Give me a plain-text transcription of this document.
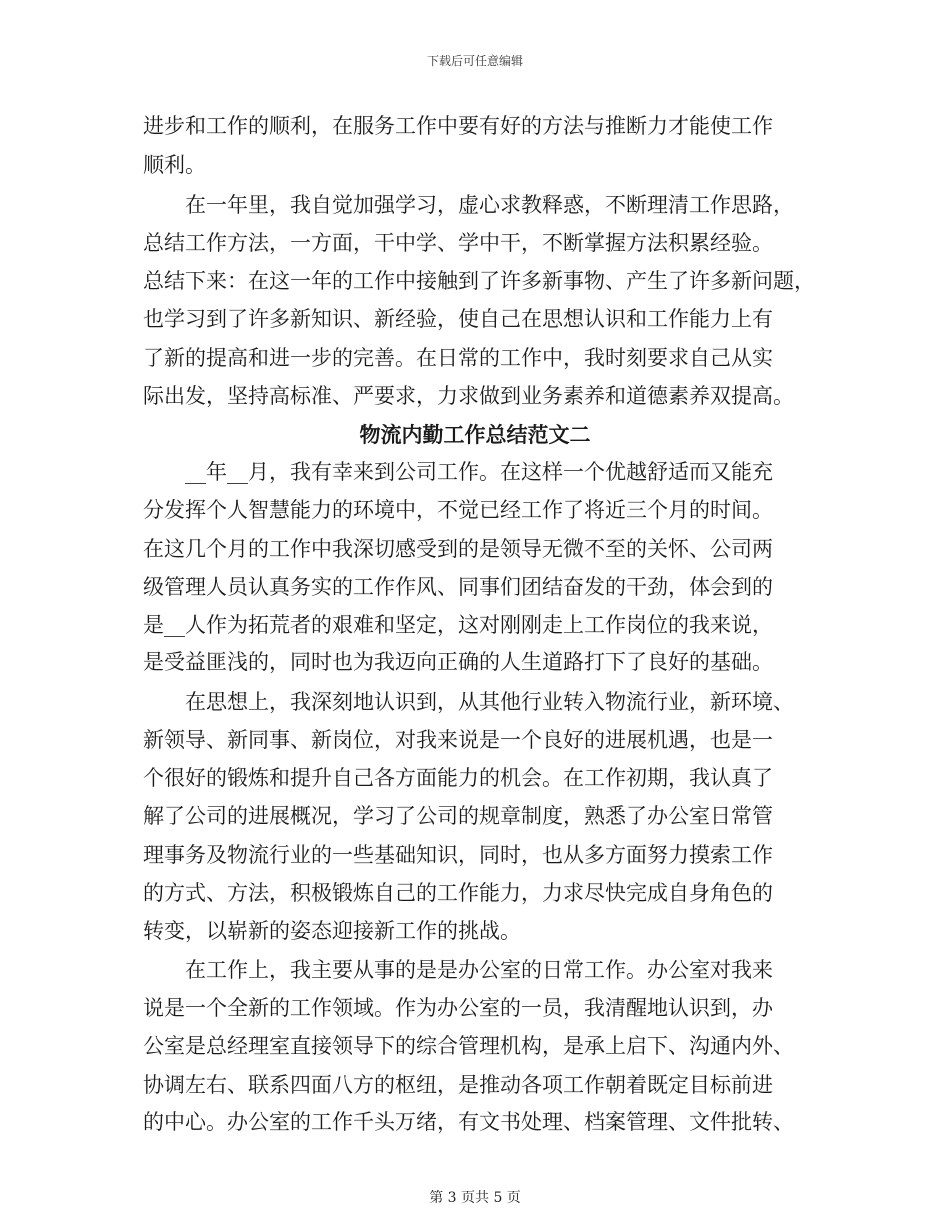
下载后可任意编辑
进步和工作的顺利，在服务工作中要有好的方法与推断力才能使工作
顺利。
　　在一年里，我自觉加强学习，虚心求教释惑，不断理清工作思路，
总结工作方法，一方面，干中学、学中干，不断掌握方法积累经验。
总结下来：在这一年的工作中接触到了许多新事物、产生了许多新问题，
也学习到了许多新知识、新经验，使自己在思想认识和工作能力上有
了新的提高和进一步的完善。在日常的工作中，我时刻要求自己从实
际出发，坚持高标准、严要求，力求做到业务素养和道德素养双提高。
　　__年__月，我有幸来到公司工作。在这样一个优越舒适而又能充
分发挥个人智慧能力的环境中，不觉已经工作了将近三个月的时间。
在这几个月的工作中我深切感受到的是领导无微不至的关怀、公司两
级管理人员认真务实的工作作风、同事们团结奋发的干劲，体会到的
是__人作为拓荒者的艰难和坚定，这对刚刚走上工作岗位的我来说，
是受益匪浅的，同时也为我迈向正确的人生道路打下了良好的基础。
　　在思想上，我深刻地认识到，从其他行业转入物流行业，新环境、
新领导、新同事、新岗位，对我来说是一个良好的进展机遇，也是一
个很好的锻炼和提升自己各方面能力的机会。在工作初期，我认真了
解了公司的进展概况，学习了公司的规章制度，熟悉了办公室日常管
理事务及物流行业的一些基础知识，同时，也从多方面努力摸索工作
的方式、方法，积极锻炼自己的工作能力，力求尽快完成自身角色的
转变，以崭新的姿态迎接新工作的挑战。
　　在工作上，我主要从事的是是办公室的日常工作。办公室对我来
说是一个全新的工作领域。作为办公室的一员，我清醒地认识到，办
公室是总经理室直接领导下的综合管理机构，是承上启下、沟通内外、
协调左右、联系四面八方的枢纽，是推动各项工作朝着既定目标前进
的中心。办公室的工作千头万绪，有文书处理、档案管理、文件批转、
物流内勤工作总结范文二
第 3 页共 5 页
